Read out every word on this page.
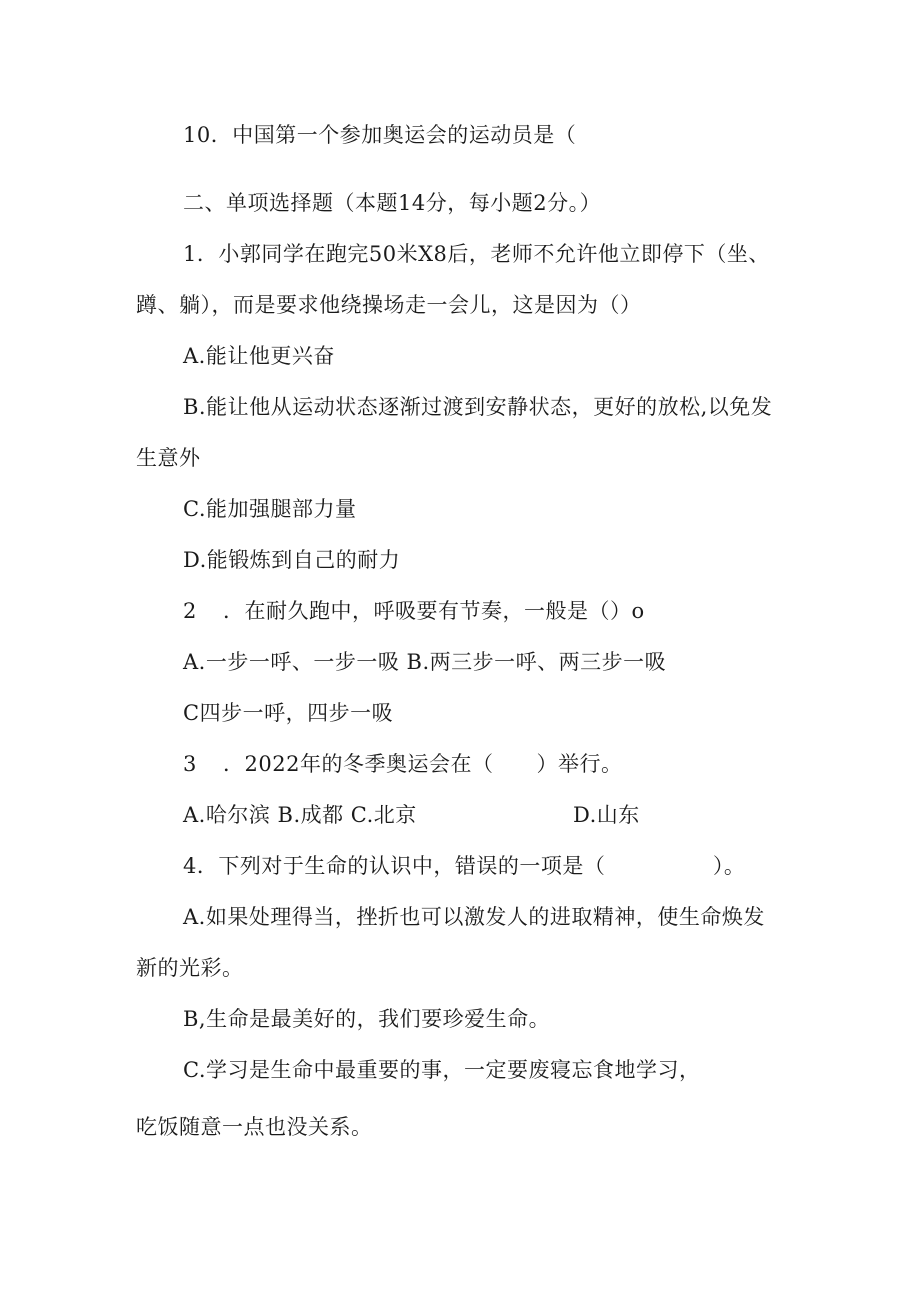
10．中国第一个参加奥运会的运动员是（
二、单项选择题（本题14分，每小题2分。）
1．小郭同学在跑完50米X8后，老师不允许他立即停下（坐、
蹲、躺），而是要求他绕操场走一会儿，这是因为（）
A.能让他更兴奋
B.能让他从运动状态逐渐过渡到安静状态，更好的放松,以免发
生意外
C.能加强腿部力量
D.能锻炼到自己的耐力
2 ．在耐久跑中，呼吸要有节奏，一般是（）o
A.一步一呼、一步一吸 B.两三步一呼、两三步一吸
C四步一呼，四步一吸
3 ．2022年的冬季奥运会在（　　）举行。
A.哈尔滨 B.成都 C.北京	D.山东
4．下列对于生命的认识中，错误的一项是（　　　　　）。
A.如果处理得当，挫折也可以激发人的进取精神，使生命焕发
新的光彩。
B,生命是最美好的，我们要珍爱生命。
C.学习是生命中最重要的事，一定要废寝忘食地学习，
吃饭随意一点也没关系。
